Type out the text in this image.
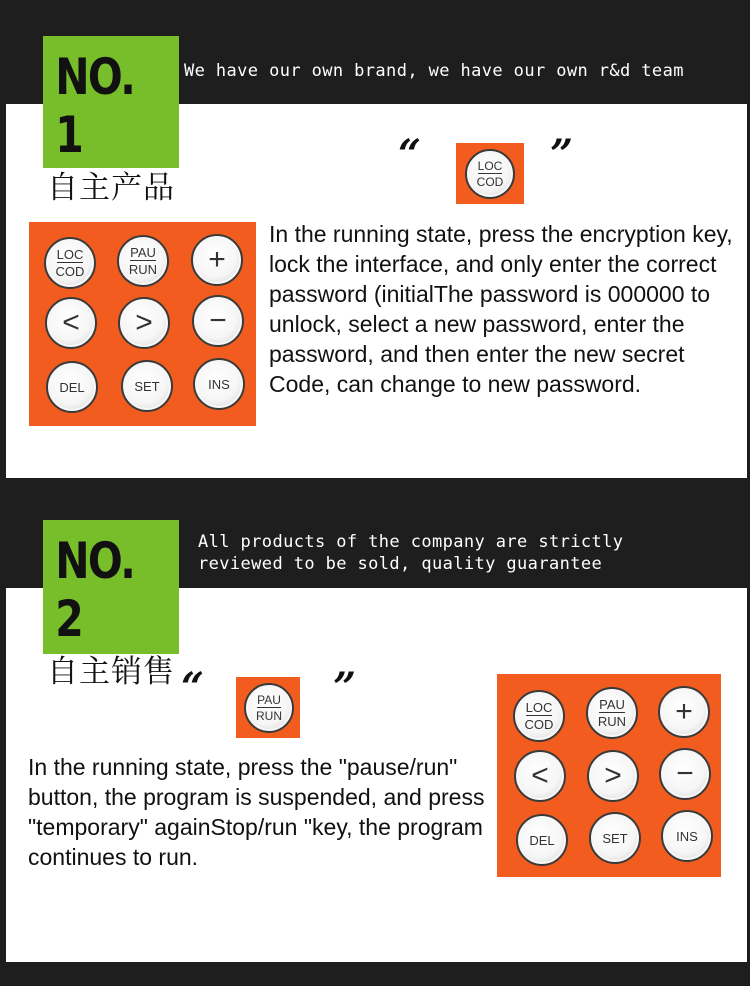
NO. 1
自主产品
We have our own brand, we have our own r&d team
“	LOC
COD
”
LOC
COD
PAU
RUN +
< > −
DEL	SET	INS
In the running state, press the encryption key, lock the interface, and only enter the correct password (initialThe password is 000000 to unlock, select a new password, enter the password, and then enter the new secret Code, can change to new password.
NO. 2
自主销售
All products of the company are strictly
reviewed to be sold, quality guarantee
“	PAU
RUN
”	LOC
COD
PAU
RUN +
< > −
DEL	SET	INS
In the running state, press the "pause/run" button, the program is suspended, and press "temporary" againStop/run "key, the program continues to run.
